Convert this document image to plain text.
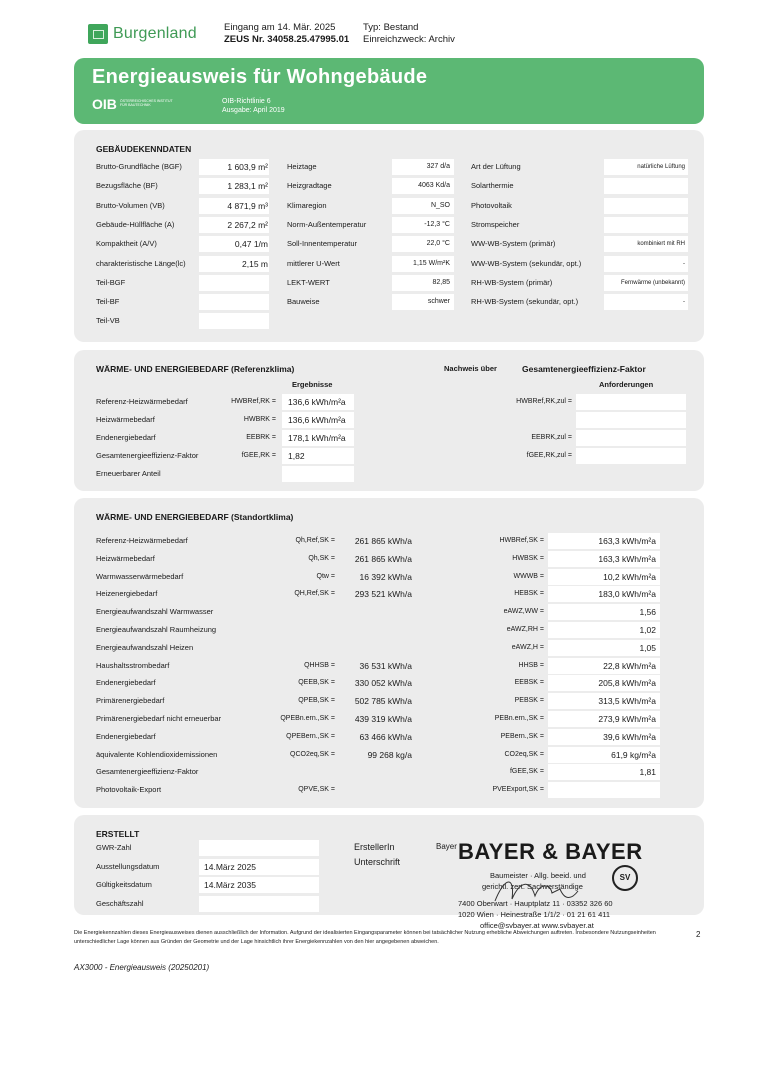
Burgenland	Eingang am 14. Mär. 2025
ZEUS Nr. 34058.25.47995.01
Typ: Bestand
Einreichzweck: Archiv
Energieausweis für Wohngebäude
OIB ÖSTERREICHISCHES INSTITUT FÜR BAUTECHNIK	OIB-Richtlinie 6
Ausgabe: April 2019
GEBÄUDEKENNDATEN
Brutto-Grundfläche (BGF)	1 603,9 m²
Bezugsfläche (BF)	1 283,1 m²
Brutto-Volumen (VB)	4 871,9 m³
Gebäude-Hüllfläche (A)	2 267,2 m²
Kompaktheit (A/V)	0,47 1/m
charakteristische Länge(lc)	2,15 m
Teil-BGF
Teil-BF
Teil-VB
Heiztage	327 d/a
Heizgradtage	4063 Kd/a
Klimaregion	N_SO
Norm-Außentemperatur	-12,3 °C
Soll-Innentemperatur	22,0 °C
mittlerer U-Wert	1,15 W/m²K
LEKT-WERT	82,85
Bauweise	schwer
Art der Lüftung	natürliche Lüftung
Solarthermie
Photovoltaik
Stromspeicher
WW-WB-System (primär)	kombiniert mit RH
WW-WB-System (sekundär, opt.)	-
RH-WB-System (primär)	Fernwärme (unbekannt)
RH-WB-System (sekundär, opt.)	-
WÄRME- UND ENERGIEBEDARF (Referenzklima)	Nachweis über	Gesamtenergieeffizienz-Faktor
Ergebnisse	Anforderungen
Referenz-Heizwärmebedarf	HWBRef,RK = 136,6 kWh/m²a	HWBRef,RK,zul =
Heizwärmebedarf	HWBRK = 136,6 kWh/m²a
Endenergiebedarf	EEBRK = 178,1 kWh/m²a	EEBRK,zul =
Gesamtenergieeffizienz-Faktor	fGEE,RK = 1,82	fGEE,RK,zul =
Erneuerbarer Anteil
WÄRME- UND ENERGIEBEDARF (Standortklima)
Referenz-Heizwärmebedarf	Qh,Ref,SK =	261 865 kWh/a	HWBRef,SK =	163,3 kWh/m²a
Heizwärmebedarf	Qh,SK =	261 865 kWh/a	HWBSK =	163,3 kWh/m²a
Warmwasserwärmebedarf	Qtw =	16 392 kWh/a	WWWB =	10,2 kWh/m²a
Heizenergiebedarf	QH,Ref,SK =	293 521 kWh/a	HEBSK =	183,0 kWh/m²a
Energieaufwandszahl Warmwasser	eAWZ,WW =	1,56
Energieaufwandszahl Raumheizung	eAWZ,RH =	1,02
Energieaufwandszahl Heizen	eAWZ,H =	1,05
Haushaltsstrombedarf	QHHSB =	36 531 kWh/a	HHSB =	22,8 kWh/m²a
Endenergiebedarf	QEEB,SK =	330 052 kWh/a	EEBSK =	205,8 kWh/m²a
Primärenergiebedarf	QPEB,SK =	502 785 kWh/a	PEBSK =	313,5 kWh/m²a
Primärenergiebedarf nicht erneuerbar	QPEBn.ern.,SK =	439 319 kWh/a	PEBn.ern.,SK =	273,9 kWh/m²a
Endenergiebedarf	QPEBern.,SK =	63 466 kWh/a	PEBern.,SK =	39,6 kWh/m²a
äquivalente Kohlendioxidemissionen	QCO2eq,SK =	99 268 kg/a	CO2eq,SK =	61,9 kg/m²a
Gesamtenergieeffizienz-Faktor	fGEE,SK =	1,81
Photovoltaik-Export	QPVE,SK =	PVEExport,SK =
ERSTELLT
ErstellerIn
Unterschrift
Bayer
GWR-Zahl
Ausstellungsdatum	14.März 2025
Gültigkeitsdatum	14.März 2035
Geschäftszahl
BAYER & BAYER
Baumeister · Allg. beeid. und
gerichtl. zert. Sachverständige
7400 Oberwart · Hauptplatz 11 · 03352 326 60
1020 Wien · Heinestraße 1/1/2 · 01 21 61 411
office@svbayer.at www.svbayer.at
SV
Die Energiekennzahlen dieses Energieausweises dienen ausschließlich der Information. Aufgrund der idealisierten Eingangsparameter können bei tatsächlicher Nutzung erhebliche Abweichungen auftreten. Insbesondere Nutzungseinheiten unterschiedlicher Lage können aus Gründen der Geometrie und der Lage hinsichtlich ihrer Energiekennzahlen von den hier angegebenen abweichen.
2
AX3000 - Energieausweis (20250201)
